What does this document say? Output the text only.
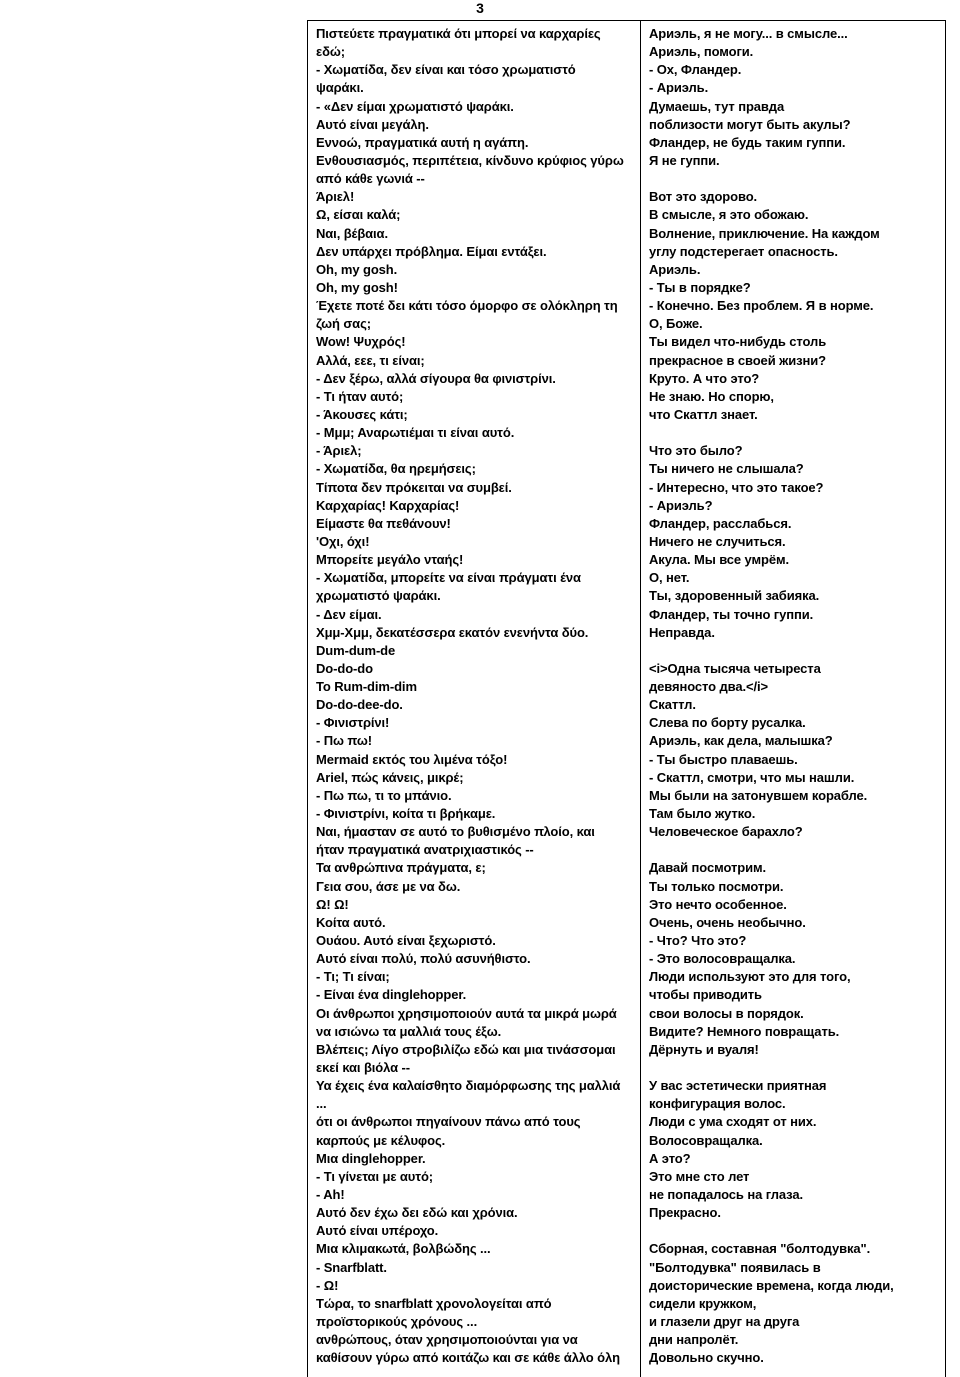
3
Πιστεύετε πραγματικά ότι μπορεί να καρχαρίες
εδώ;
- Χωματίδα, δεν είναι και τόσο χρωματιστό
ψαράκι.
- «Δεν είμαι χρωματιστό ψαράκι.
Αυτό είναι μεγάλη.
Εννοώ, πραγματικά αυτή η αγάπη.
Ενθουσιασμός, περιπέτεια, κίνδυνο κρύφιος γύρω
από κάθε γωνιά --
Άριελ!
Ω, είσαι καλά;
Ναι, βέβαια.
Δεν υπάρχει πρόβλημα. Είμαι εντάξει.
Oh, my gosh.
Oh, my gosh!
Έχετε ποτέ δει κάτι τόσο όμορφο σε ολόκληρη τη
ζωή σας;
Wow! Ψυχρός!
Αλλά, εεε, τι είναι;
- Δεν ξέρω, αλλά σίγουρα θα φινιστρίνι.
- Τι ήταν αυτό;
- Άκουσες κάτι;
- Μμμ; Αναρωτιέμαι τι είναι αυτό.
- Άριελ;
- Χωματίδα, θα ηρεμήσεις;
Τίποτα δεν πρόκειται να συμβεί.
Καρχαρίας! Καρχαρίας!
Είμαστε θα πεθάνουν!
'Οχι, όχι!
Μπορείτε μεγάλο νταής!
- Χωματίδα, μπορείτε να είναι πράγματι ένα
χρωματιστό ψαράκι.
- Δεν είμαι.
Χμμ-Χμμ, δεκατέσσερα εκατόν ενενήντα δύο.
Dum-dum-de
Do-do-do
To Rum-dim-dim
Do-do-dee-do.
- Φινιστρίνι!
- Πω πω!
Mermaid εκτός του λιμένα τόξο!
Ariel, πώς κάνεις, μικρέ;
- Πω πω, τι το μπάνιο.
- Φινιστρίνι, κοίτα τι βρήκαμε.
Ναι, ήμασταν σε αυτό το βυθισμένο πλοίο, και
ήταν πραγματικά ανατριχιαστικός --
Τα ανθρώπινα πράγματα, ε;
Γεια σου, άσε με να δω.
Ω! Ω!
Κοίτα αυτό.
Ουάου. Αυτό είναι ξεχωριστό.
Αυτό είναι πολύ, πολύ ασυνήθιστο.
- Τι; Τι είναι;
- Είναι ένα dinglehopper.
Οι άνθρωποι χρησιμοποιούν αυτά τα μικρά μωρά
να ισιώνω τα μαλλιά τους έξω.
Βλέπεις; Λίγο στροβιλίζω εδώ και μια τινάσσομαι
εκεί και βιόλα --
Υα έχεις ένα καλαίσθητο διαμόρφωσης της μαλλιά
...
ότι οι άνθρωποι πηγαίνουν πάνω από τους
καρπούς με κέλυφος.
Μια dinglehopper.
- Τι γίνεται με αυτό;
- Ah!
Αυτό δεν έχω δει εδώ και χρόνια.
Αυτό είναι υπέροχο.
Μια κλιμακωτά, βολβώδης ...
- Snarfblatt.
- Ω!
Τώρα, το snarfblatt χρονολογείται από
προϊστορικούς χρόνους ...
ανθρώπους, όταν χρησιμοποιούνται για να
καθίσουν γύρω από κοιτάζω και σε κάθε άλλο όλη
Ариэль, я не могу... в смысле...
Ариэль, помоги.
- Ох, Фландер.
- Ариэль.
Думаешь, тут правда
поблизости могут быть акулы?
Фландер, не будь таким гуппи.
Я не гуппи.
Вот это здорово.
В смысле, я это обожаю.
Волнение, приключение. На каждом
углу подстерегает опасность.
Ариэль.
- Ты в порядке?
- Конечно. Без проблем. Я в норме.
О, Боже.
Ты видел что-нибудь столь
прекрасное в своей жизни?
Круто. А что это?
Не знаю. Но спорю,
что Скаттл знает.
Что это было?
Ты ничего не слышала?
- Интересно, что это такое?
- Ариэль?
Фландер, расслабься.
Ничего не случиться.
Акула. Мы все умрём.
О, нет.
Ты, здоровенный забияка.
Фландер, ты точно гуппи.
Неправда.
<i>Одна тысяча четыреста
девяносто два.</i>
Скаттл.
Слева по борту русалка.
Ариэль, как дела, малышка?
- Ты быстро плаваешь.
- Скаттл, смотри, что мы нашли.
Мы были на затонувшем корабле.
Там было жутко.
Человеческое барахло?
Давай посмотрим.
Ты только посмотри.
Это нечто особенное.
Очень, очень необычно.
- Что? Что это?
- Это волосовращалка.
Люди используют это для того,
чтобы приводить
свои волосы в порядок.
Видите? Немного повращать.
Дёрнуть и вуаля!
У вас эстетически приятная
конфигурация волос.
Люди с ума сходят от них.
Волосовращалка.
А это?
Это мне сто лет
не попадалось на глаза.
Прекрасно.
Сборная, составная "болтодувка".
"Болтодувка" появилась в
доисторические времена, когда люди,
сидели кружком,
и глазели друг на друга
дни напролёт.
Довольно скучно.
